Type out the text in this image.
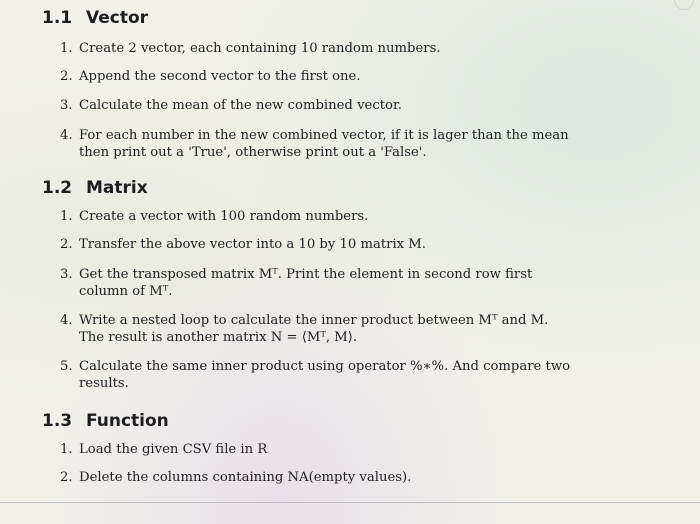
1.1 Vector
1. Create 2 vector, each containing 10 random numbers.
2. Append the second vector to the first one.
3. Calculate the mean of the new combined vector.
4. For each number in the new combined vector, if it is lager than the mean
then print out a 'True', otherwise print out a 'False'.
1.2 Matrix
1. Create a vector with 100 random numbers.
2. Transfer the above vector into a 10 by 10 matrix M.
3. Get the transposed matrix Mᵀ. Print the element in second row first
column of Mᵀ.
4. Write a nested loop to calculate the inner product between Mᵀ and M.
The result is another matrix N = ⟨Mᵀ, M⟩.
5. Calculate the same inner product using operator %∗%. And compare two
results.
1.3 Function
1. Load the given CSV file in R
2. Delete the columns containing NA(empty values).
